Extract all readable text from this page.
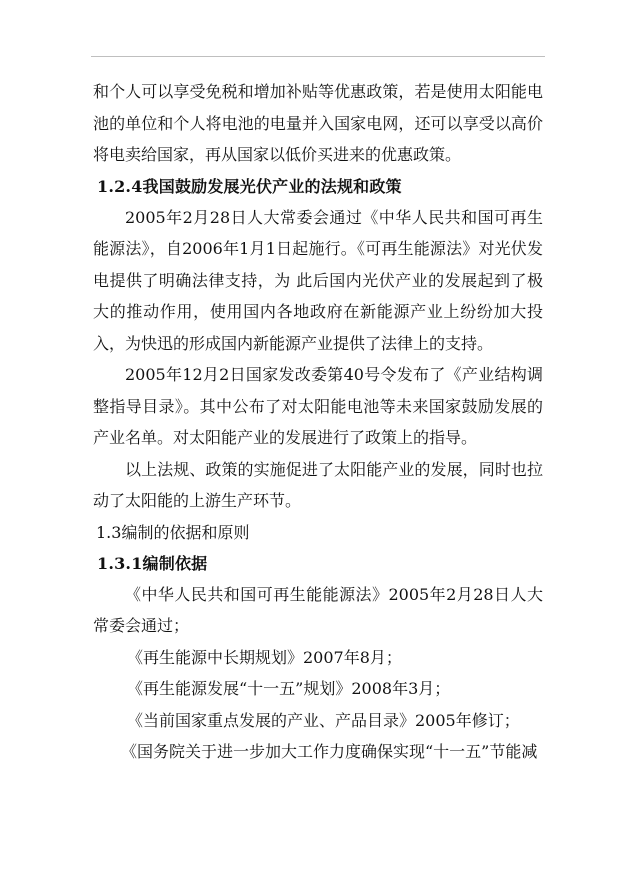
和个人可以享受免税和增加补贴等优惠政策，若是使用太阳能电池的单位和个人将电池的电量并入国家电网，还可以享受以高价将电卖给国家，再从国家以低价买进来的优惠政策。

1.2.4我国鼓励发展光伏产业的法规和政策

2005年2月28日人大常委会通过《中华人民共和国可再生能源法》，自2006年1月1日起施行。《可再生能源法》对光伏发电提供了明确法律支持，为 此后国内光伏产业的发展起到了极大的推动作用，使用国内各地政府在新能源产业上纷纷加大投入，为快迅的形成国内新能源产业提供了法律上的支持。

2005年12月2日国家发改委第40号令发布了《产业结构调整指导目录》。其中公布了对太阳能电池等未来国家鼓励发展的产业名单。对太阳能产业的发展进行了政策上的指导。

以上法规、政策的实施促进了太阳能产业的发展，同时也拉动了太阳能的上游生产环节。

1.3编制的依据和原则

1.3.1编制依据

《中华人民共和国可再生能能源法》2005年2月28日人大常委会通过；

《再生能源中长期规划》2007年8月；

《再生能源发展“十一五”规划》2008年3月；

《当前国家重点发展的产业、产品目录》2005年修订；

《国务院关于进一步加大工作力度确保实现“十一五”节能减
